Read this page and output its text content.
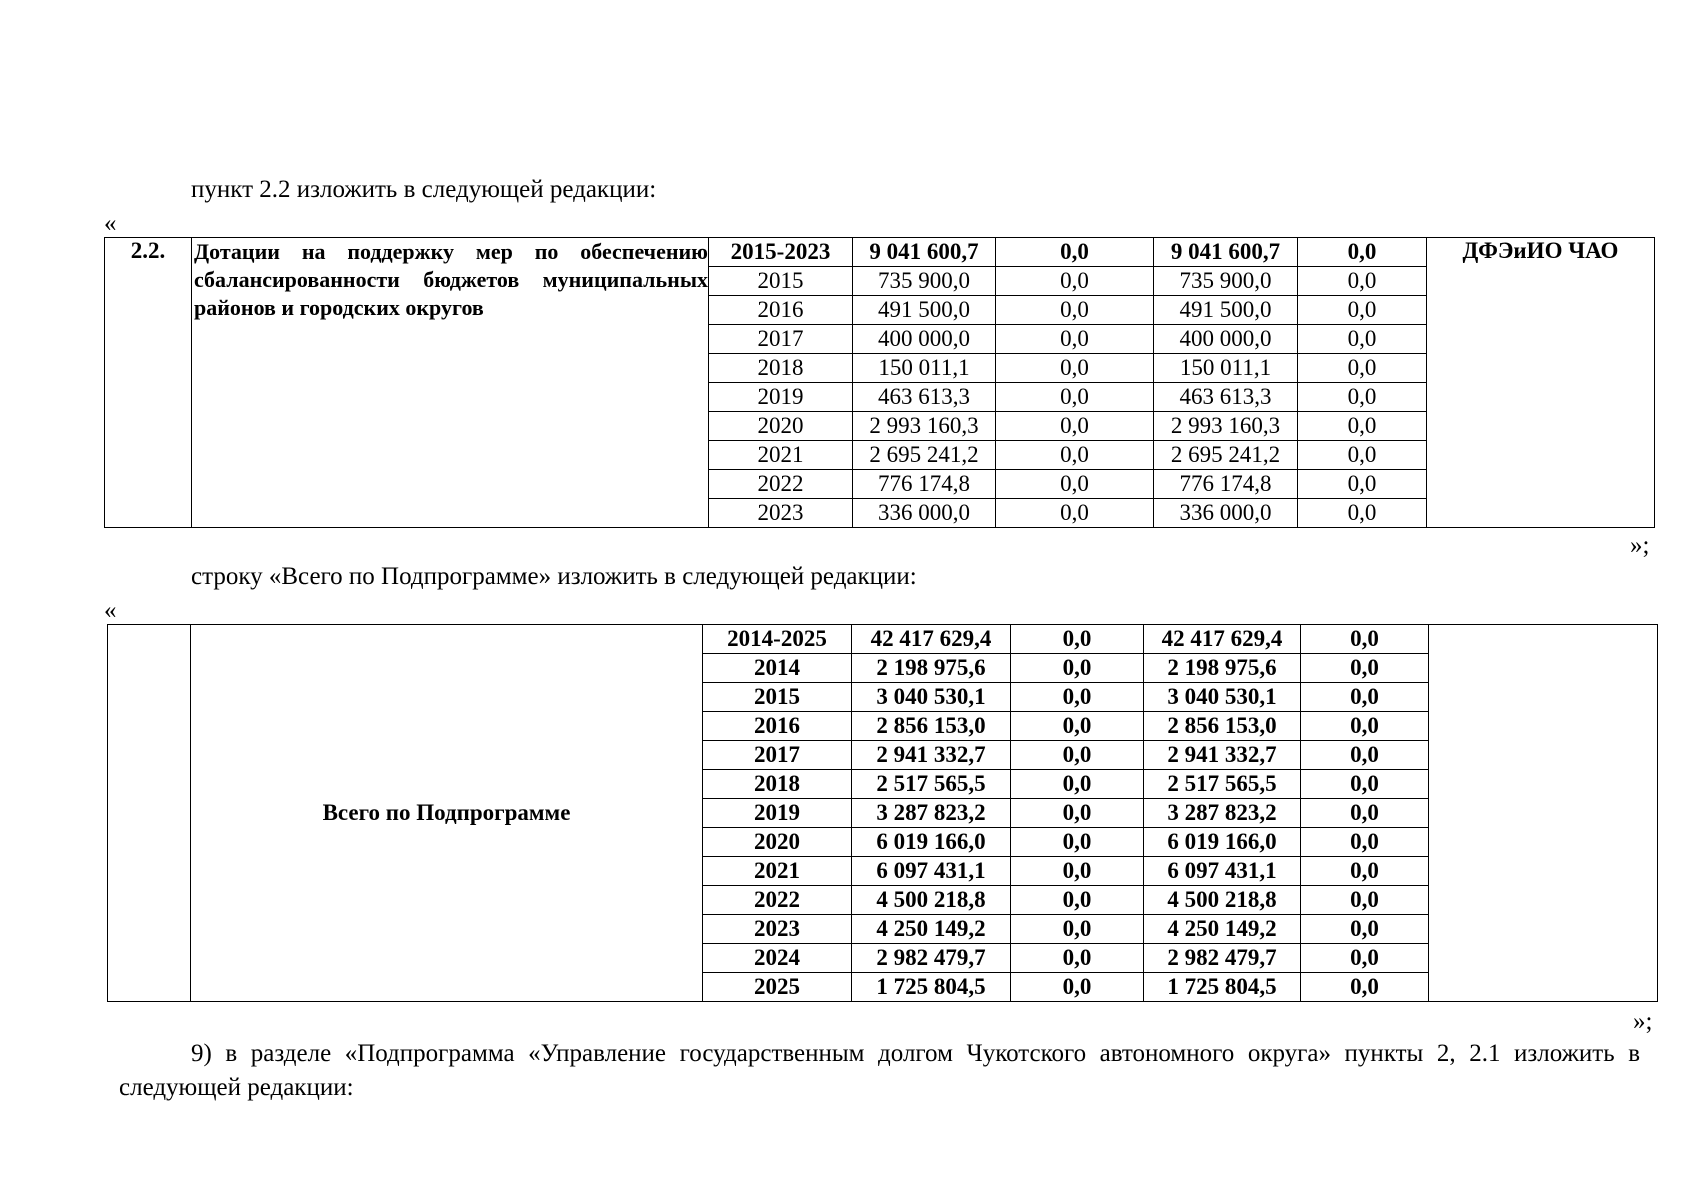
пункт 2.2 изложить в следующей редакции:
«
2.2.	Дотации на поддержку мер по обеспечению сбалансированности бюджетов муниципальных районов и городских округов	2015-2023	9 041 600,7	0,0	9 041 600,7	0,0	ДФЭиИО ЧАО
		2015	735 900,0	0,0	735 900,0	0,0	
		2016	491 500,0	0,0	491 500,0	0,0	
		2017	400 000,0	0,0	400 000,0	0,0	
		2018	150 011,1	0,0	150 011,1	0,0	
		2019	463 613,3	0,0	463 613,3	0,0	
		2020	2 993 160,3	0,0	2 993 160,3	0,0	
		2021	2 695 241,2	0,0	2 695 241,2	0,0	
		2022	776 174,8	0,0	776 174,8	0,0	
		2023	336 000,0	0,0	336 000,0	0,0	
»;
строку «Всего по Подпрограмме» изложить в следующей редакции:
«
	Всего по Подпрограмме	2014-2025	42 417 629,4	0,0	42 417 629,4	0,0	
		2014	2 198 975,6	0,0	2 198 975,6	0,0	
		2015	3 040 530,1	0,0	3 040 530,1	0,0	
		2016	2 856 153,0	0,0	2 856 153,0	0,0	
		2017	2 941 332,7	0,0	2 941 332,7	0,0	
		2018	2 517 565,5	0,0	2 517 565,5	0,0	
		2019	3 287 823,2	0,0	3 287 823,2	0,0	
		2020	6 019 166,0	0,0	6 019 166,0	0,0	
		2021	6 097 431,1	0,0	6 097 431,1	0,0	
		2022	4 500 218,8	0,0	4 500 218,8	0,0	
		2023	4 250 149,2	0,0	4 250 149,2	0,0	
		2024	2 982 479,7	0,0	2 982 479,7	0,0	
		2025	1 725 804,5	0,0	1 725 804,5	0,0	
»;
9) в разделе «Подпрограмма «Управление государственным долгом Чукотского автономного округа» пункты 2, 2.1 изложить в следующей редакции:
